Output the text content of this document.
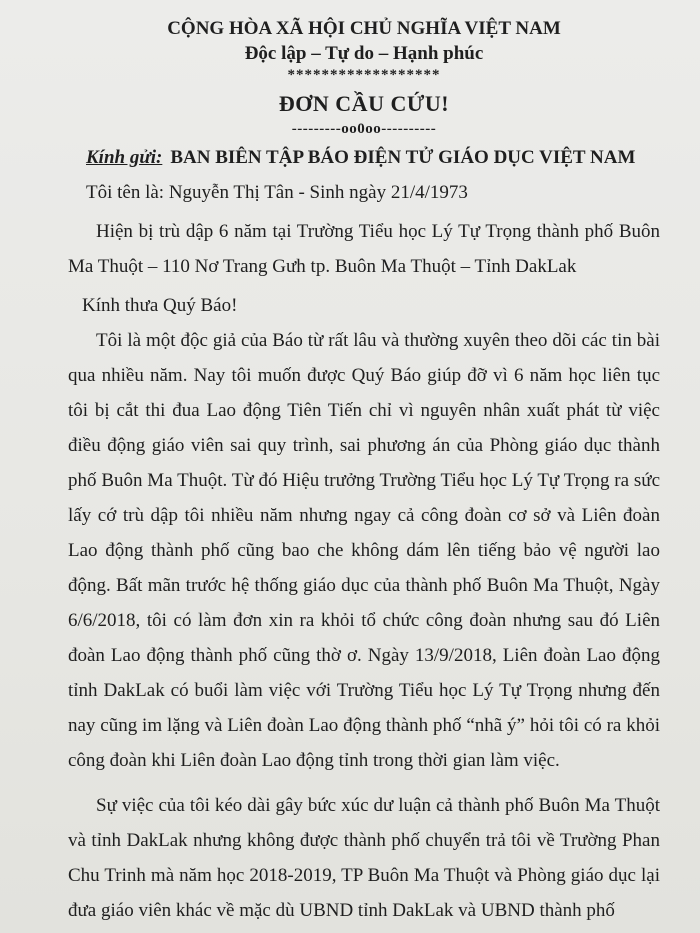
CỘNG HÒA XÃ HỘI CHỦ NGHĨA VIỆT NAM
Độc lập – Tự do – Hạnh phúc
******************
ĐƠN CẦU CỨU!
---------oo0oo----------
Kính gửi: BAN BIÊN TẬP BÁO ĐIỆN TỬ GIÁO DỤC VIỆT NAM

Tôi tên là: Nguyễn Thị Tân - Sinh ngày 21/4/1973

Hiện bị trù dập 6 năm tại Trường Tiểu học Lý Tự Trọng thành phố Buôn Ma Thuột – 110 Nơ Trang Gưh tp. Buôn Ma Thuột – Tỉnh DakLak

Kính thưa Quý Báo!

Tôi là một độc giả của Báo từ rất lâu và thường xuyên theo dõi các tin bài qua nhiều năm. Nay tôi muốn được Quý Báo giúp đỡ vì 6 năm học liên tục tôi bị cắt thi đua Lao động Tiên Tiến chỉ vì nguyên nhân xuất phát từ việc điều động giáo viên sai quy trình, sai phương án của Phòng giáo dục thành phố Buôn Ma Thuột. Từ đó Hiệu trưởng Trường Tiểu học Lý Tự Trọng ra sức lấy cớ trù dập tôi nhiều năm nhưng ngay cả công đoàn cơ sở và Liên đoàn Lao động thành phố cũng bao che không dám lên tiếng bảo vệ người lao động. Bất mãn trước hệ thống giáo dục của thành phố Buôn Ma Thuột, Ngày 6/6/2018, tôi có làm đơn xin ra khỏi tổ chức công đoàn nhưng sau đó Liên đoàn Lao động thành phố cũng thờ ơ. Ngày 13/9/2018, Liên đoàn Lao động tỉnh DakLak có buổi làm việc với Trường Tiểu học Lý Tự Trọng nhưng đến nay cũng im lặng và Liên đoàn Lao động thành phố “nhã ý” hỏi tôi có ra khỏi công đoàn khi Liên đoàn Lao động tỉnh trong thời gian làm việc.

Sự việc của tôi kéo dài gây bức xúc dư luận cả thành phố Buôn Ma Thuột và tỉnh DakLak nhưng không được thành phố chuyển trả tôi về Trường Phan Chu Trinh mà năm học 2018-2019, TP Buôn Ma Thuột và Phòng giáo dục lại đưa giáo viên khác về mặc dù UBND tỉnh DakLak và UBND thành phố
